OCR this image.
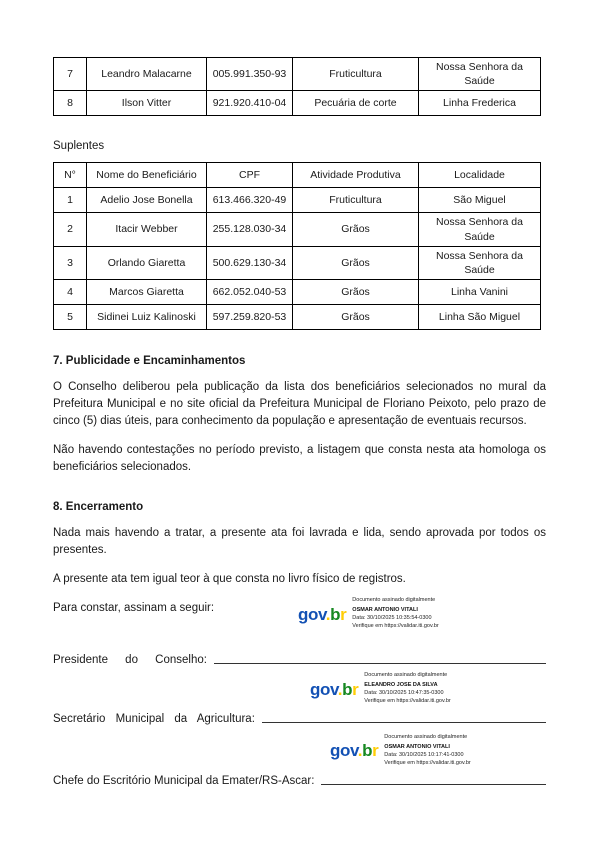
7	Leandro Malacarne	005.991.350-93	Fruticultura	Nossa Senhora da Saúde
8	Ilson Vitter	921.920.410-04	Pecuária de corte	Linha Frederica
Suplentes
N°	Nome do Beneficiário	CPF	Atividade Produtiva	Localidade
1	Adelio Jose Bonella	613.466.320-49	Fruticultura	São Miguel
2	Itacir Webber	255.128.030-34	Grãos	Nossa Senhora da Saúde
3	Orlando Giaretta	500.629.130-34	Grãos	Nossa Senhora da Saúde
4	Marcos Giaretta	662.052.040-53	Grãos	Linha Vanini
5	Sidinei Luiz Kalinoski	597.259.820-53	Grãos	Linha São Miguel
7. Publicidade e Encaminhamentos

O Conselho deliberou pela publicação da lista dos beneficiários selecionados no mural da Prefeitura Municipal e no site oficial da Prefeitura Municipal de Floriano Peixoto, pelo prazo de cinco (5) dias úteis, para conhecimento da população e apresentação de eventuais recursos.

Não havendo contestações no período previsto, a listagem que consta nesta ata homologa os beneficiários selecionados.

8. Encerramento

Nada mais havendo a tratar, a presente ata foi lavrada e lida, sendo aprovada por todos os presentes.

A presente ata tem igual teor à que consta no livro físico de registros.

Para constar, assinam a seguir:	gov.br
Documento assinado digitalmente
OSMAR ANTONIO VITALI
Data: 30/10/2025 10:35:54-0300
Verifique em https://validar.iti.gov.br
Presidente do Conselho:
gov.br
Documento assinado digitalmente
ELEANDRO JOSE DA SILVA
Data: 30/10/2025 10:47:35-0300
Verifique em https://validar.iti.gov.br
Secretário Municipal da Agricultura:
gov.br
Documento assinado digitalmente
OSMAR ANTONIO VITALI
Data: 30/10/2025 10:17:41-0300
Verifique em https://validar.iti.gov.br
Chefe do Escritório Municipal da Emater/RS-Ascar:
